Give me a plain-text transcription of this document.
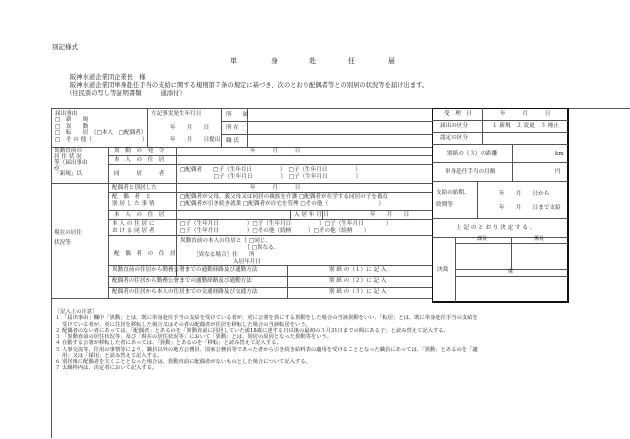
別記様式
単	身	赴	任	届
阪神水道企業団企業長　様
阪神水道企業団単身赴任手当の支給に関する規則第７条の規定に基づき、次のとおり配偶者等との別居の状況等を届け出ます。
（住民票の写し等証明書類　　　通添付）
届出事由
□　新　　規
□　異　　動
□　転　　居　（□本人　□配偶者）
□　そ の 他（　　　　　　　　　）
左記事実発生年月日
年　　月　　日
年　　月　　日提出
所　　属
所 在
職 氏
異動直前の
居 住 状 況
等（届出事由
が
「新規」以
異　動　の　発　令	年　　　月　　　日
本　人　の　住　居
同　　　居　　　者
□配偶者　　□子（生年月日　　　　　）　□子（生年月日　　　　　）
　　　　　　□子（生年月日　　　　　）　□子（生年月日　　　　　）
現在の居住
状況等
配偶者と別居した	年　　　月　　　日
配　偶　者　と
別 居 し た 事 情
□配偶者が父母、義父母又は同居の親族を介護 □配偶者が在学する同居の子を養育
□配偶者が引き続き就業 □配偶者が自宅を管理 □その他（　　　　　　　　　）
本　人　の　住　居	入 居 年 月 日	年　　月　　日
本 人 の 住 居 に
お け る 同 居 者
□子（生年月日　　　　　）□子（生年月日　　　　　）□子（生年月日　　　　）
□子（生年月日　　　　　）□その他（続柄　　　）□その他（続柄　　）
配　偶　者　の　住　居
異動直前の本人の住居と｛ □同じ。
　　　　　　　　　　　　｛ □異なる。
［異なる場合］住　　所
入居年月日
異動直前の住居から勤務公署までの通勤経路及び通勤方法	別 紙 の（１）に 記 入
配偶者の住居から勤務公署までの通勤経路及び通勤方法	別 紙 の（２）に 記 入
配偶者の住居から本人の住居までの交通経路及び交通方法	別 紙 の（３）に 記 入
受　理　日	年　　　月　　　日
届出の区分	１ 新規　２ 変更　３ 廃止
認定の区分
別紙の（３）の距離	km
単身赴任手当の月額	円
支給の始期、
終期等
年　　月　　日から
年　　月　　日まで支給
上 記 の と お り 決 定 す る 。
決裁
課長	係長
係
［記入上の注意］
１ 「届出事由」欄中「異動」とは、既に単身赴任手当の支給を受けている者が、更に公署を異にする異動をした場合の当該異動をいい、「転居」とは、既に単身赴任手当の支給を
　 受けている者が、更に住居を移転した場合又はその者の配偶者が住居を移転した場合の当該転居をいう。
２ 配偶者のない者にあっては、「配偶者」とあるのを「異動直前に同居していた満18歳に達する日以後の最初の３月31日までの間にある子」と読み替えて記入する。
３ 「異動直前の居住状況等」及び「現在の居住状況等」において「異動」とは、別居の原因となった異動等をいう。
４ 在勤する公署が移転した者にあっては、「異動」とあるのを「移転」と読み替えて記入する。
５ 人事交流等、任用の事情等により、職員以外の地方公務員、国家公務員等であった者から引き続き給料表の適用を受けることとなった職員にあっては、「異動」とあるのを「適
　 用」又は「採用」と読み替えて記入する。
６ 別居後に配偶者を欠くこととなった場合は、異動直前に配偶者がないものとした場合について記入する。
７ 太線枠内は、決定者において記入する。
